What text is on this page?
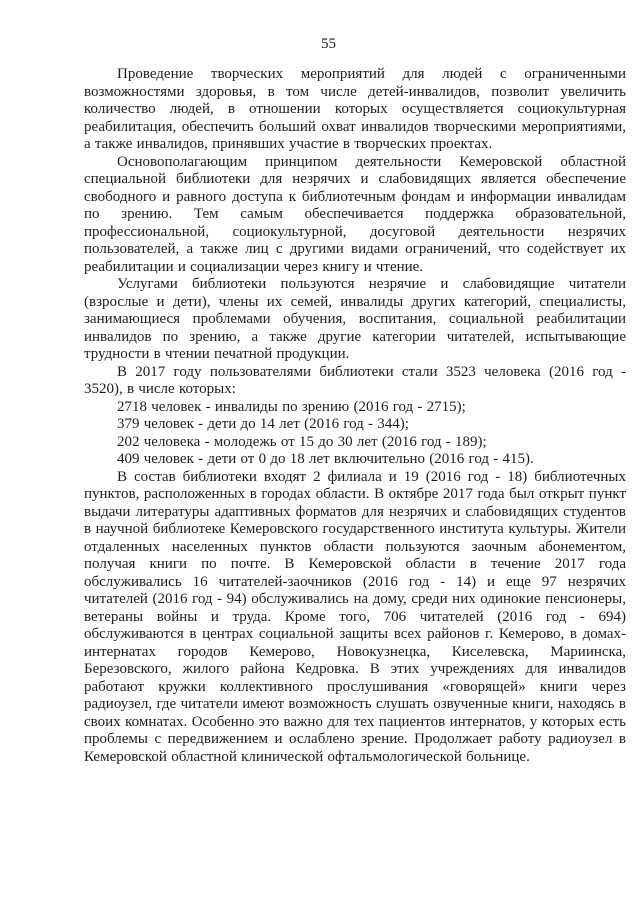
55

Проведение творческих мероприятий для людей с ограниченными возможностями здоровья, в том числе детей-инвалидов, позволит увеличить количество людей, в отношении которых осуществляется социокультурная реабилитация, обеспечить больший охват инвалидов творческими мероприятиями, а также инвалидов, принявших участие в творческих проектах.

Основополагающим принципом деятельности Кемеровской областной специальной библиотеки для незрячих и слабовидящих является обеспечение свободного и равного доступа к библиотечным фондам и информации инвалидам по зрению. Тем самым обеспечивается поддержка образовательной, профессиональной, социокультурной, досуговой деятельности незрячих пользователей, а также лиц с другими видами ограничений, что содействует их реабилитации и социализации через книгу и чтение.

Услугами библиотеки пользуются незрячие и слабовидящие читатели (взрослые и дети), члены их семей, инвалиды других категорий, специалисты, занимающиеся проблемами обучения, воспитания, социальной реабилитации инвалидов по зрению, а также другие категории читателей, испытывающие трудности в чтении печатной продукции.

В 2017 году пользователями библиотеки стали 3523 человека (2016 год - 3520), в числе которых:

2718 человек - инвалиды по зрению (2016 год - 2715);

379 человек - дети до 14 лет (2016 год - 344);

202 человека - молодежь от 15 до 30 лет (2016 год - 189);

409 человек - дети от 0 до 18 лет включительно (2016 год - 415).

В состав библиотеки входят 2 филиала и 19 (2016 год - 18) библиотечных пунктов, расположенных в городах области. В октябре 2017 года был открыт пункт выдачи литературы адаптивных форматов для незрячих и слабовидящих студентов в научной библиотеке Кемеровского государственного института культуры. Жители отдаленных населенных пунктов области пользуются заочным абонементом, получая книги по почте. В Кемеровской области в течение 2017 года обслуживались 16 читателей-заочников (2016 год - 14) и еще 97 незрячих читателей (2016 год - 94) обслуживались на дому, среди них одинокие пенсионеры, ветераны войны и труда. Кроме того, 706 читателей (2016 год - 694) обслуживаются в центрах социальной защиты всех районов г. Кемерово, в домах-интернатах городов Кемерово, Новокузнецка, Киселевска, Мариинска, Березовского, жилого района Кедровка. В этих учреждениях для инвалидов работают кружки коллективного прослушивания «говорящей» книги через радиоузел, где читатели имеют возможность слушать озвученные книги, находясь в своих комнатах. Особенно это важно для тех пациентов интернатов, у которых есть проблемы с передвижением и ослаблено зрение. Продолжает работу радиоузел в Кемеровской областной клинической офтальмологической больнице.
